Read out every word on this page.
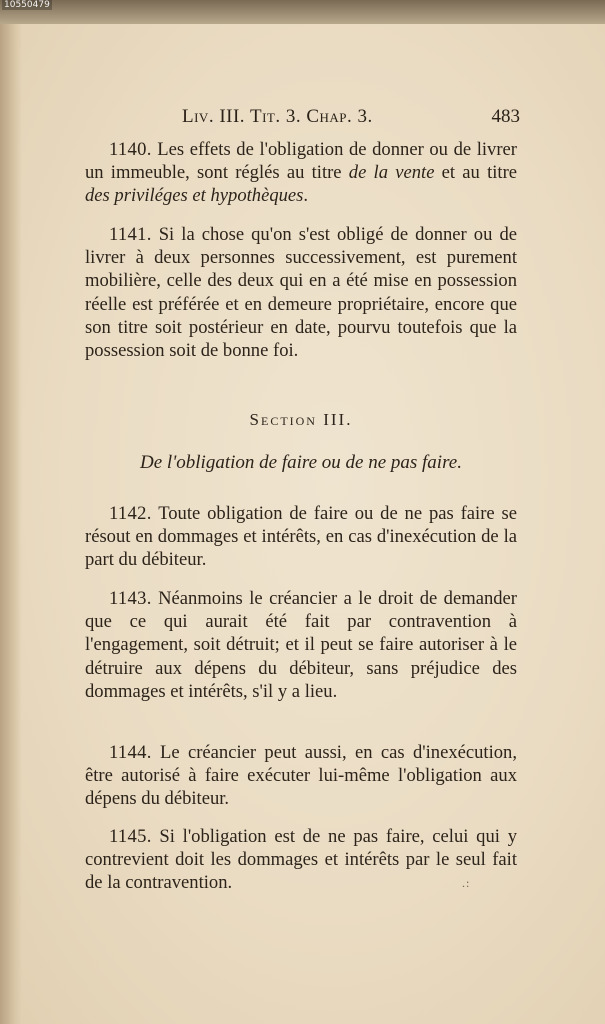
10550479
Liv. III. Tit. 3. Chap. 3.	483

1140. Les effets de l'obligation de donner ou de livrer un immeuble, sont réglés au titre de la vente et au titre des priviléges et hypothèques.

1141. Si la chose qu'on s'est obligé de donner ou de livrer à deux personnes successivement, est purement mobilière, celle des deux qui en a été mise en possession réelle est préférée et en demeure propriétaire, encore que son titre soit postérieur en date, pourvu toutefois que la possession soit de bonne foi.

Section III.
De l'obligation de faire ou de ne pas faire.

1142. Toute obligation de faire ou de ne pas faire se résout en dommages et intérêts, en cas d'inexécution de la part du débiteur.

1143. Néanmoins le créancier a le droit de demander que ce qui aurait été fait par contravention à l'engagement, soit détruit; et il peut se faire autoriser à le détruire aux dépens du débiteur, sans préjudice des dommages et intérêts, s'il y a lieu.

1144. Le créancier peut aussi, en cas d'inexécution, être autorisé à faire exécuter lui-même l'obligation aux dépens du débiteur.

1145. Si l'obligation est de ne pas faire, celui qui y contrevient doit les dommages et intérêts par le seul fait de la contravention.	.:
